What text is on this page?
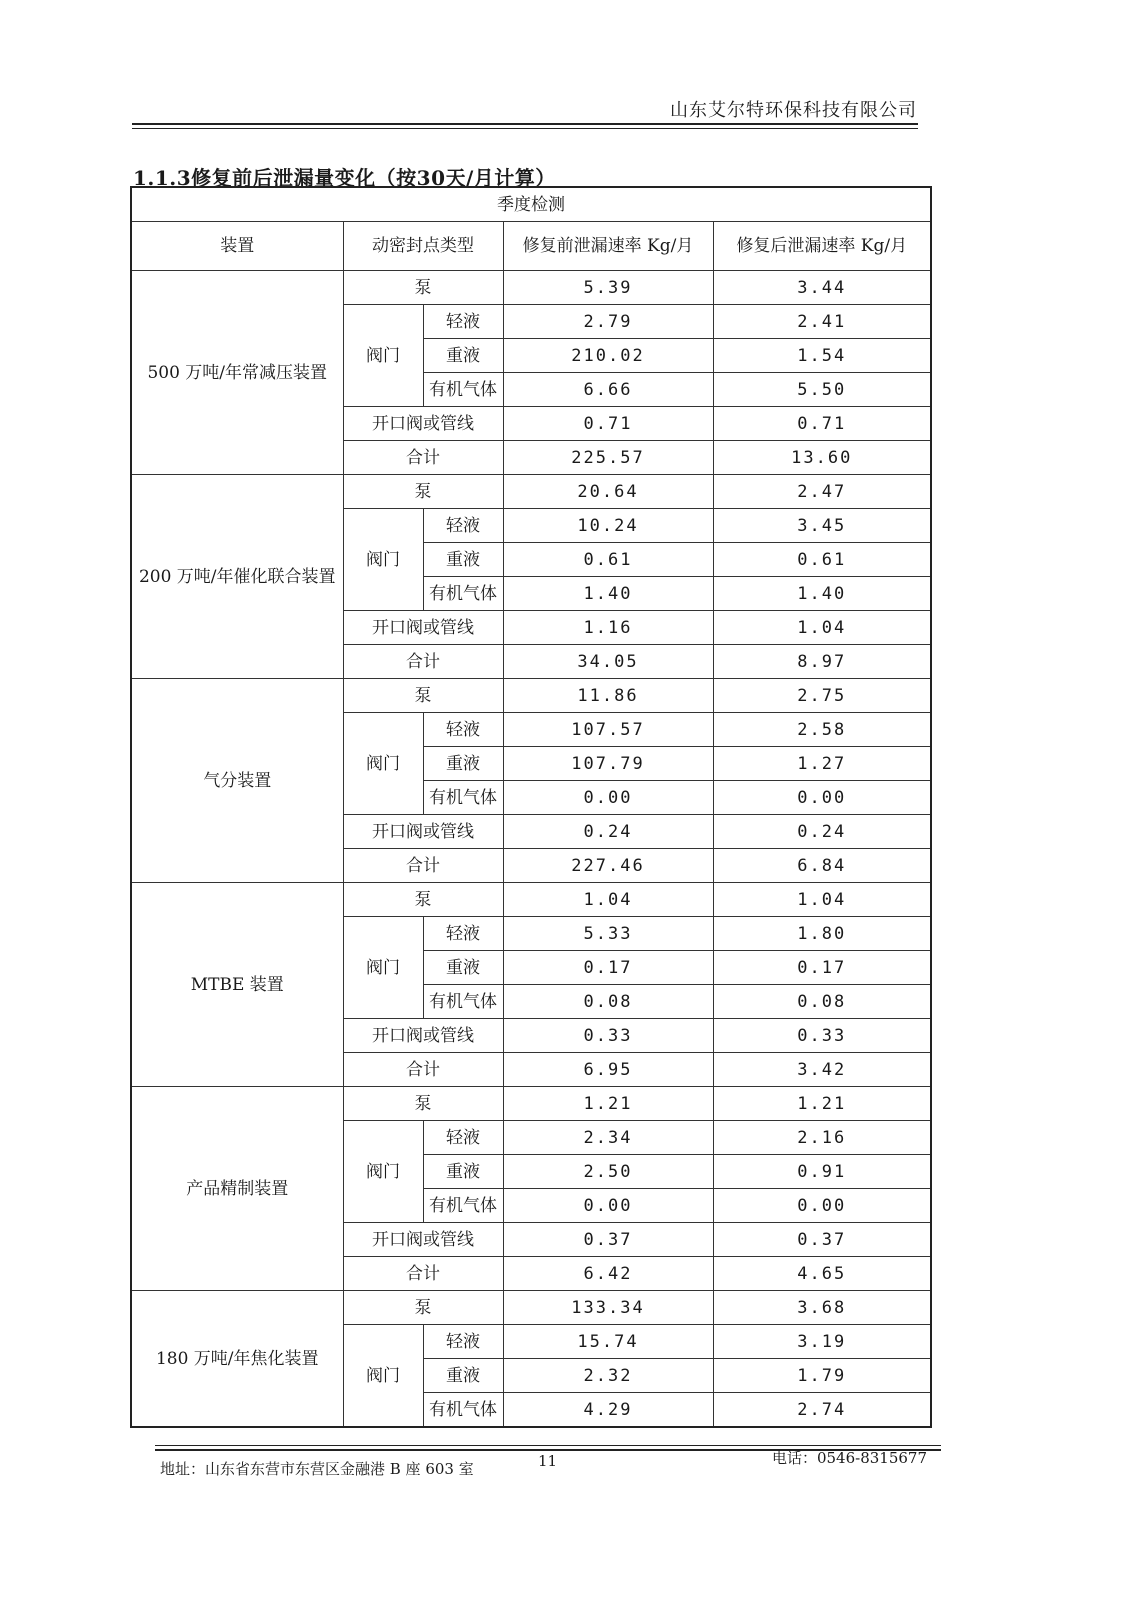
山东艾尔特环保科技有限公司
1.1.3修复前后泄漏量变化（按30天/月计算）
季度检测				
装置	动密封点类型		修复前泄漏速率 Kg/月	修复后泄漏速率 Kg/月
500 万吨/年常减压装置	泵		5.39	3.44
	阀门	轻液	2.79	2.41
		重液	210.02	1.54
		有机气体	6.66	5.50
	开口阀或管线		0.71	0.71
	合计		225.57	13.60
200 万吨/年催化联合装置	泵		20.64	2.47
	阀门	轻液	10.24	3.45
		重液	0.61	0.61
		有机气体	1.40	1.40
	开口阀或管线		1.16	1.04
	合计		34.05	8.97
气分装置	泵		11.86	2.75
	阀门	轻液	107.57	2.58
		重液	107.79	1.27
		有机气体	0.00	0.00
	开口阀或管线		0.24	0.24
	合计		227.46	6.84
MTBE 装置	泵		1.04	1.04
	阀门	轻液	5.33	1.80
		重液	0.17	0.17
		有机气体	0.08	0.08
	开口阀或管线		0.33	0.33
	合计		6.95	3.42
产品精制装置	泵		1.21	1.21
	阀门	轻液	2.34	2.16
		重液	2.50	0.91
		有机气体	0.00	0.00
	开口阀或管线		0.37	0.37
	合计		6.42	4.65
180 万吨/年焦化装置	泵		133.34	3.68
	阀门	轻液	15.74	3.19
		重液	2.32	1.79
		有机气体	4.29	2.74
地址：山东省东营市东营区金融港 B 座 603 室	11	电话：0546-8315677
